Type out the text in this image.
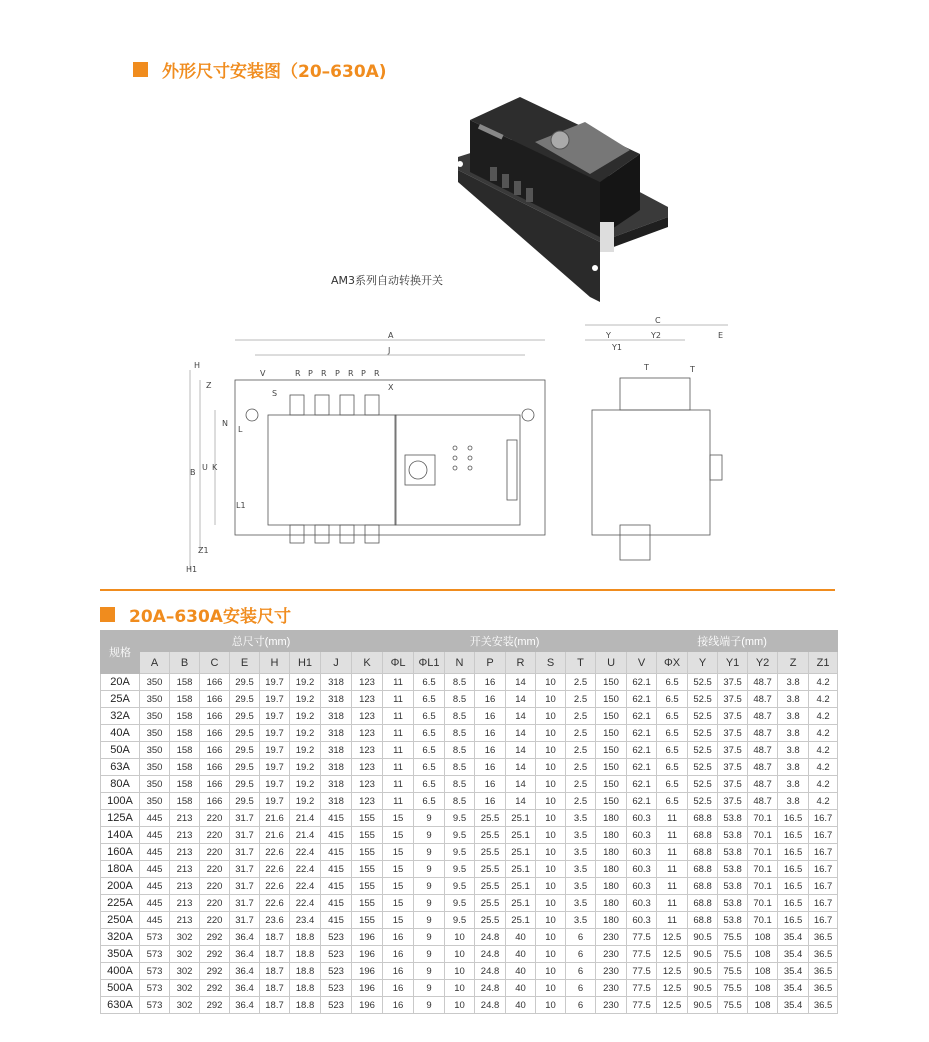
外形尺寸安装图（20–630A)
AM3系列自动转换开关
A
J
V	R P R P R P R
X
S
Z
H
B
U K
N
L
L1
Z1
H1
C
Y	Y2	E
Y1
T	T
20A–630A安装尺寸
规格	总尺寸(mm)								开关安装(mm)								接线端子(mm)						
	A	B	C	E	H	H1	J	K	ΦL	ΦL1	N	P	R	S	T	U	V	ΦX	Y	Y1	Y2	Z	Z1
20A	350	158	166	29.5	19.7	19.2	318	123	11	6.5	8.5	16	14	10	2.5	150	62.1	6.5	52.5	37.5	48.7	3.8	4.2
25A	350	158	166	29.5	19.7	19.2	318	123	11	6.5	8.5	16	14	10	2.5	150	62.1	6.5	52.5	37.5	48.7	3.8	4.2
32A	350	158	166	29.5	19.7	19.2	318	123	11	6.5	8.5	16	14	10	2.5	150	62.1	6.5	52.5	37.5	48.7	3.8	4.2
40A	350	158	166	29.5	19.7	19.2	318	123	11	6.5	8.5	16	14	10	2.5	150	62.1	6.5	52.5	37.5	48.7	3.8	4.2
50A	350	158	166	29.5	19.7	19.2	318	123	11	6.5	8.5	16	14	10	2.5	150	62.1	6.5	52.5	37.5	48.7	3.8	4.2
63A	350	158	166	29.5	19.7	19.2	318	123	11	6.5	8.5	16	14	10	2.5	150	62.1	6.5	52.5	37.5	48.7	3.8	4.2
80A	350	158	166	29.5	19.7	19.2	318	123	11	6.5	8.5	16	14	10	2.5	150	62.1	6.5	52.5	37.5	48.7	3.8	4.2
100A	350	158	166	29.5	19.7	19.2	318	123	11	6.5	8.5	16	14	10	2.5	150	62.1	6.5	52.5	37.5	48.7	3.8	4.2
125A	445	213	220	31.7	21.6	21.4	415	155	15	9	9.5	25.5	25.1	10	3.5	180	60.3	11	68.8	53.8	70.1	16.5	16.7
140A	445	213	220	31.7	21.6	21.4	415	155	15	9	9.5	25.5	25.1	10	3.5	180	60.3	11	68.8	53.8	70.1	16.5	16.7
160A	445	213	220	31.7	22.6	22.4	415	155	15	9	9.5	25.5	25.1	10	3.5	180	60.3	11	68.8	53.8	70.1	16.5	16.7
180A	445	213	220	31.7	22.6	22.4	415	155	15	9	9.5	25.5	25.1	10	3.5	180	60.3	11	68.8	53.8	70.1	16.5	16.7
200A	445	213	220	31.7	22.6	22.4	415	155	15	9	9.5	25.5	25.1	10	3.5	180	60.3	11	68.8	53.8	70.1	16.5	16.7
225A	445	213	220	31.7	22.6	22.4	415	155	15	9	9.5	25.5	25.1	10	3.5	180	60.3	11	68.8	53.8	70.1	16.5	16.7
250A	445	213	220	31.7	23.6	23.4	415	155	15	9	9.5	25.5	25.1	10	3.5	180	60.3	11	68.8	53.8	70.1	16.5	16.7
320A	573	302	292	36.4	18.7	18.8	523	196	16	9	10	24.8	40	10	6	230	77.5	12.5	90.5	75.5	108	35.4	36.5
350A	573	302	292	36.4	18.7	18.8	523	196	16	9	10	24.8	40	10	6	230	77.5	12.5	90.5	75.5	108	35.4	36.5
400A	573	302	292	36.4	18.7	18.8	523	196	16	9	10	24.8	40	10	6	230	77.5	12.5	90.5	75.5	108	35.4	36.5
500A	573	302	292	36.4	18.7	18.8	523	196	16	9	10	24.8	40	10	6	230	77.5	12.5	90.5	75.5	108	35.4	36.5
630A	573	302	292	36.4	18.7	18.8	523	196	16	9	10	24.8	40	10	6	230	77.5	12.5	90.5	75.5	108	35.4	36.5
